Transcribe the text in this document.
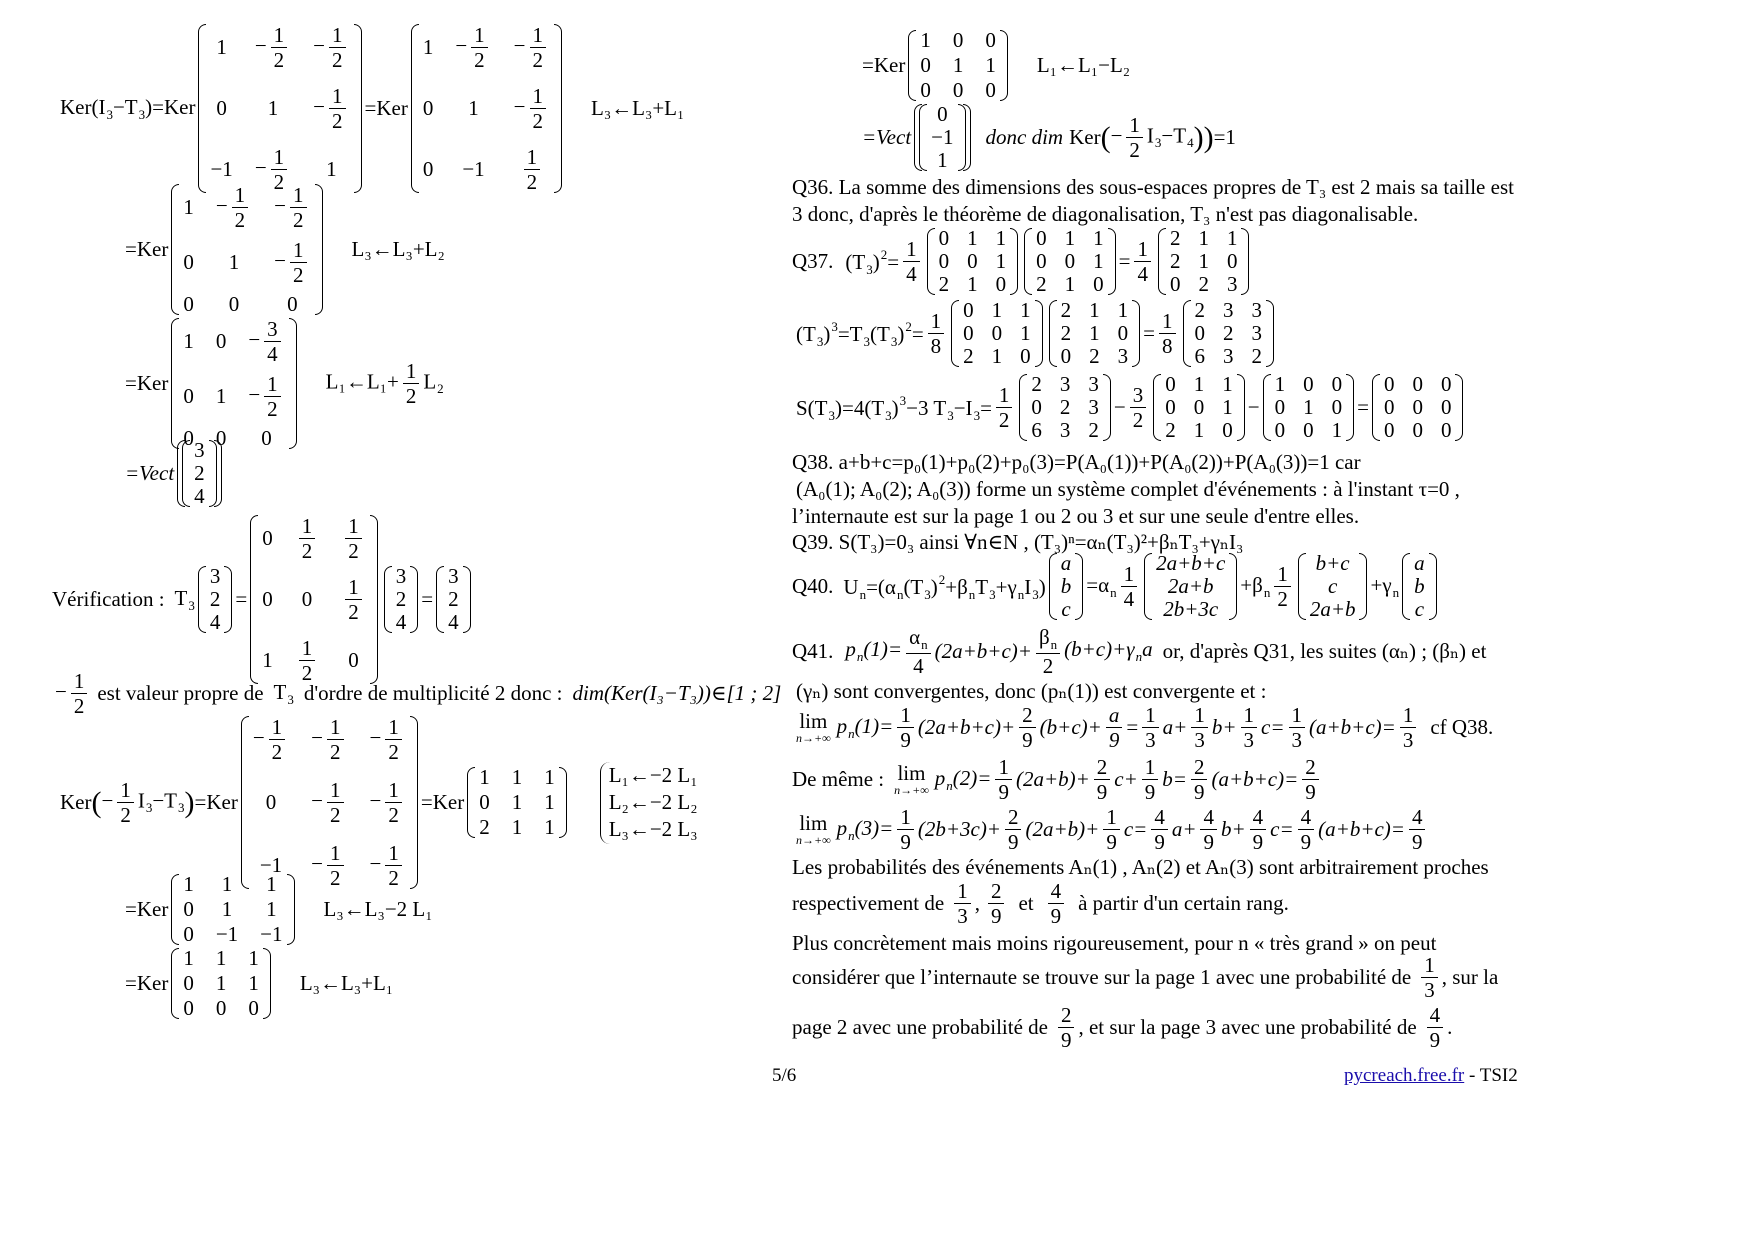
$Ker(I_3-T_3)=Ker$
$1 - \frac{1}{2} - \frac{1}{2}$
0 $1 - \frac{1}{2}$
$-1 - \frac{1}{2} 1$
=Ker
$1 - \frac{1}{2} - \frac{1}{2}$
0 $1 - \frac{1}{2}$
$0 -1 \frac{1}{2}$
L₃←L₃+L₁
=Ker
$1 - \frac{1}{2} - \frac{1}{2}$
0 $1 - \frac{1}{2}$
0 0 0
L₃←L₃+L₂
=Ker
1 $0 - \frac{3}{4}$
0 $1 - \frac{1}{2}$
0 0 0
L₁←L₁+ $\frac{1}{2} L_2$
=Vect
3
2
4
Vérification : $T_3$
3
2
4
=
$0 \frac{1}{2} \frac{1}{2}$
0 $0 \frac{1}{2}$
$1 \frac{1}{2} 0$
3
2
4
=
3
2
4
− $\frac{1}{2}$ est valeur propre de $T_3$ d'ordre de multiplicité 2 donc : dim(Ker(I₃−T₃))∈[1 ; 2]
Ker ( − $\frac{1}{2} I_3-T_3$ ) =Ker
− $\frac{1}{2} - \frac{1}{2} - \frac{1}{2}$
$0 - \frac{1}{2} - \frac{1}{2}$
$-1 - \frac{1}{2} - \frac{1}{2}$
=Ker
1 1 1
0 1 1
2 1 1
L₁←−2 L₁
L₂←−2 L₂
L₃←−2 L₃
=Ker
1 1 1
0 1 1
0 −1 −1
L₃←L₃−2 L₁
=Ker
1 1 1
0 1 1
0 0 0
L₃←L₃+L₁
=Ker
1 0 0
0 1 1
0 0 0
L₁←L₁−L₂
=Vect
0
−1
1
donc dim Ker ( − $\frac{1}{2} I_3-T_4$ )) =1
Q36. La somme des dimensions des sous-espaces propres de T₃ est 2 mais sa taille est
3 donc, d'après le théorème de diagonalisation, T₃ n'est pas diagonalisable.
Q37. $(T_3)^2= \frac{1}{4} 0$ 1 1
0 0 1
2 1 0
0 1 1
0 0 1
2 1 0
= $\frac{1}{4} 2$ 1 1
2 1 0
0 2 3
$(T_3)^3=T_3(T_3)^2= \frac{1}{8} 0$ 1 1
0 0 1
2 1 0
2 1 1
2 1 0
0 2 3
= $\frac{1}{8} 2$ 3 3
0 2 3
6 3 2
$S(T_3)=4(T_3)^3-3$ $T_3-I_3= \frac{1}{2} 2$ 3 3
0 2 3
6 3 2
− $\frac{3}{2} 0$ 1 1
0 0 1
2 1 0
−
1 0 0
0 1 0
0 0 1
=
0 0 0
0 0 0
0 0 0
Q38. a+b+c=p₀(1)+p₀(2)+p₀(3)=P(A₀(1))+P(A₀(2))+P(A₀(3))=1 car
(A₀(1); A₀(2); A₀(3)) forme un système complet d'événements : à l'instant τ=0 ,
l’internaute est sur la page 1 ou 2 ou 3 et sur une seule d'entre elles.
Q39. S(T₃)=0₃ ainsi ∀n∈N , (T₃)ⁿ=αₙ(T₃)²+βₙT₃+γₙI₃
Q40. $U_n=(\alpha_n(T_3)^2+\beta_nT_3+\gamma_nI_3)$
a
b
c
$=\alpha_n \frac{1}{4} 2a+b+c$
2a+b
2b+3c
$+\beta_n \frac{1}{2} b+c$
c
2a+b
$+\gamma_n$
a
b
c
Q41. $p_n(1)= \frac{\alpha_n}{4} (2a+b+c)+ \frac{\beta_n}{2} (b+c)+\gamma_na$ or, d'après Q31, les suites (αₙ) ; (βₙ) et
(γₙ) sont convergentes, donc (pₙ(1)) est convergente et :
lim
n→+∞
$p_n(1)= \frac{1}{9} (2a+b+c)+ \frac{2}{9} (b+c)+ \frac{a}{9} = \frac{1}{3} a+ \frac{1}{3} b+ \frac{1}{3} c= \frac{1}{3} (a+b+c)= \frac{1}{3}$ cf Q38.
De même : lim
n→+∞
$p_n(2)= \frac{1}{9} (2a+b)+ \frac{2}{9} c+ \frac{1}{9} b= \frac{2}{9} (a+b+c)= \frac{2}{9}$
lim
n→+∞
$p_n(3)= \frac{1}{9} (2b+3c)+ \frac{2}{9} (2a+b)+ \frac{1}{9} c= \frac{4}{9} a+ \frac{4}{9} b+ \frac{4}{9} c= \frac{4}{9} (a+b+c)= \frac{4}{9}$
Les probabilités des événements Aₙ(1) , Aₙ(2) et Aₙ(3) sont arbitrairement proches
respectivement de $\frac{1}{3}$ , $\frac{2}{9}$ et $\frac{4}{9}$ à partir d'un certain rang.
Plus concrètement mais moins rigoureusement, pour n « très grand » on peut
considérer que l’internaute se trouve sur la page 1 avec une probabilité de $\frac{1}{3}$ , sur la
page 2 avec une probabilité de $\frac{2}{9}$ , et sur la page 3 avec une probabilité de $\frac{4}{9}$ .
5/6	pycreach.free.fr - TSI2
